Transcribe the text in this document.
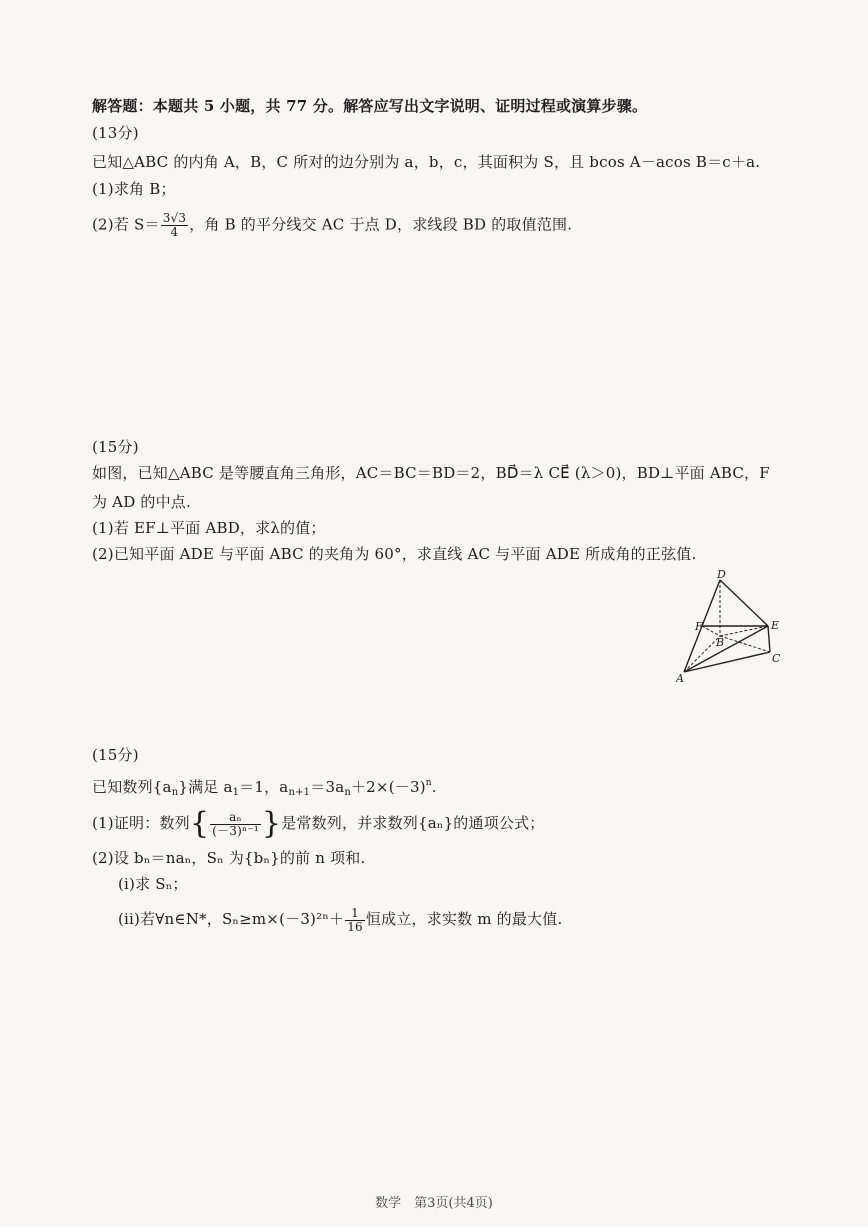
解答题：本题共 5 小题，共 77 分。解答应写出文字说明、证明过程或演算步骤。
(13分)
已知△ABC 的内角 A，B，C 所对的边分别为 a，b，c，其面积为 S，且 bcos A－acos B＝c＋a.
(1)求角 B；
(2)若 $S= \frac{3√3}{4}$ ，角 B 的平分线交 AC 于点 D，求线段 BD 的取值范围.
(15分)
如图，已知△ABC 是等腰直角三角形，AC＝BC＝BD＝2，BD⃗＝λ CE⃗ (λ＞0)，BD⊥平面 ABC，F
为 AD 的中点.
(1)若 EF⊥平面 ABD，求λ的值；
(2)已知平面 ADE 与平面 ABC 的夹角为 60°，求直线 AC 与平面 ADE 所成角的正弦值.
D
F	E
B
C
A
(15分)
已知数列$\{a_n\}$满足 $a_1=1$，$a_{n+1}=3a_n+2\times(-3)^n$.
(1)证明：数列{ $\frac{\text{aₙ}}{\text{(－3)ⁿ⁻¹}}$ }是常数列，并求数列{aₙ}的通项公式；
(2)设 bₙ＝naₙ，Sₙ 为{bₙ}的前 n 项和.
(i)求 Sₙ；
(ii)若∀n∈N*，$S_n\ge m\times(-3)^{2n}+ \frac{1}{16}$ 恒成立，求实数 m 的最大值.
数学　第3页(共4页)
